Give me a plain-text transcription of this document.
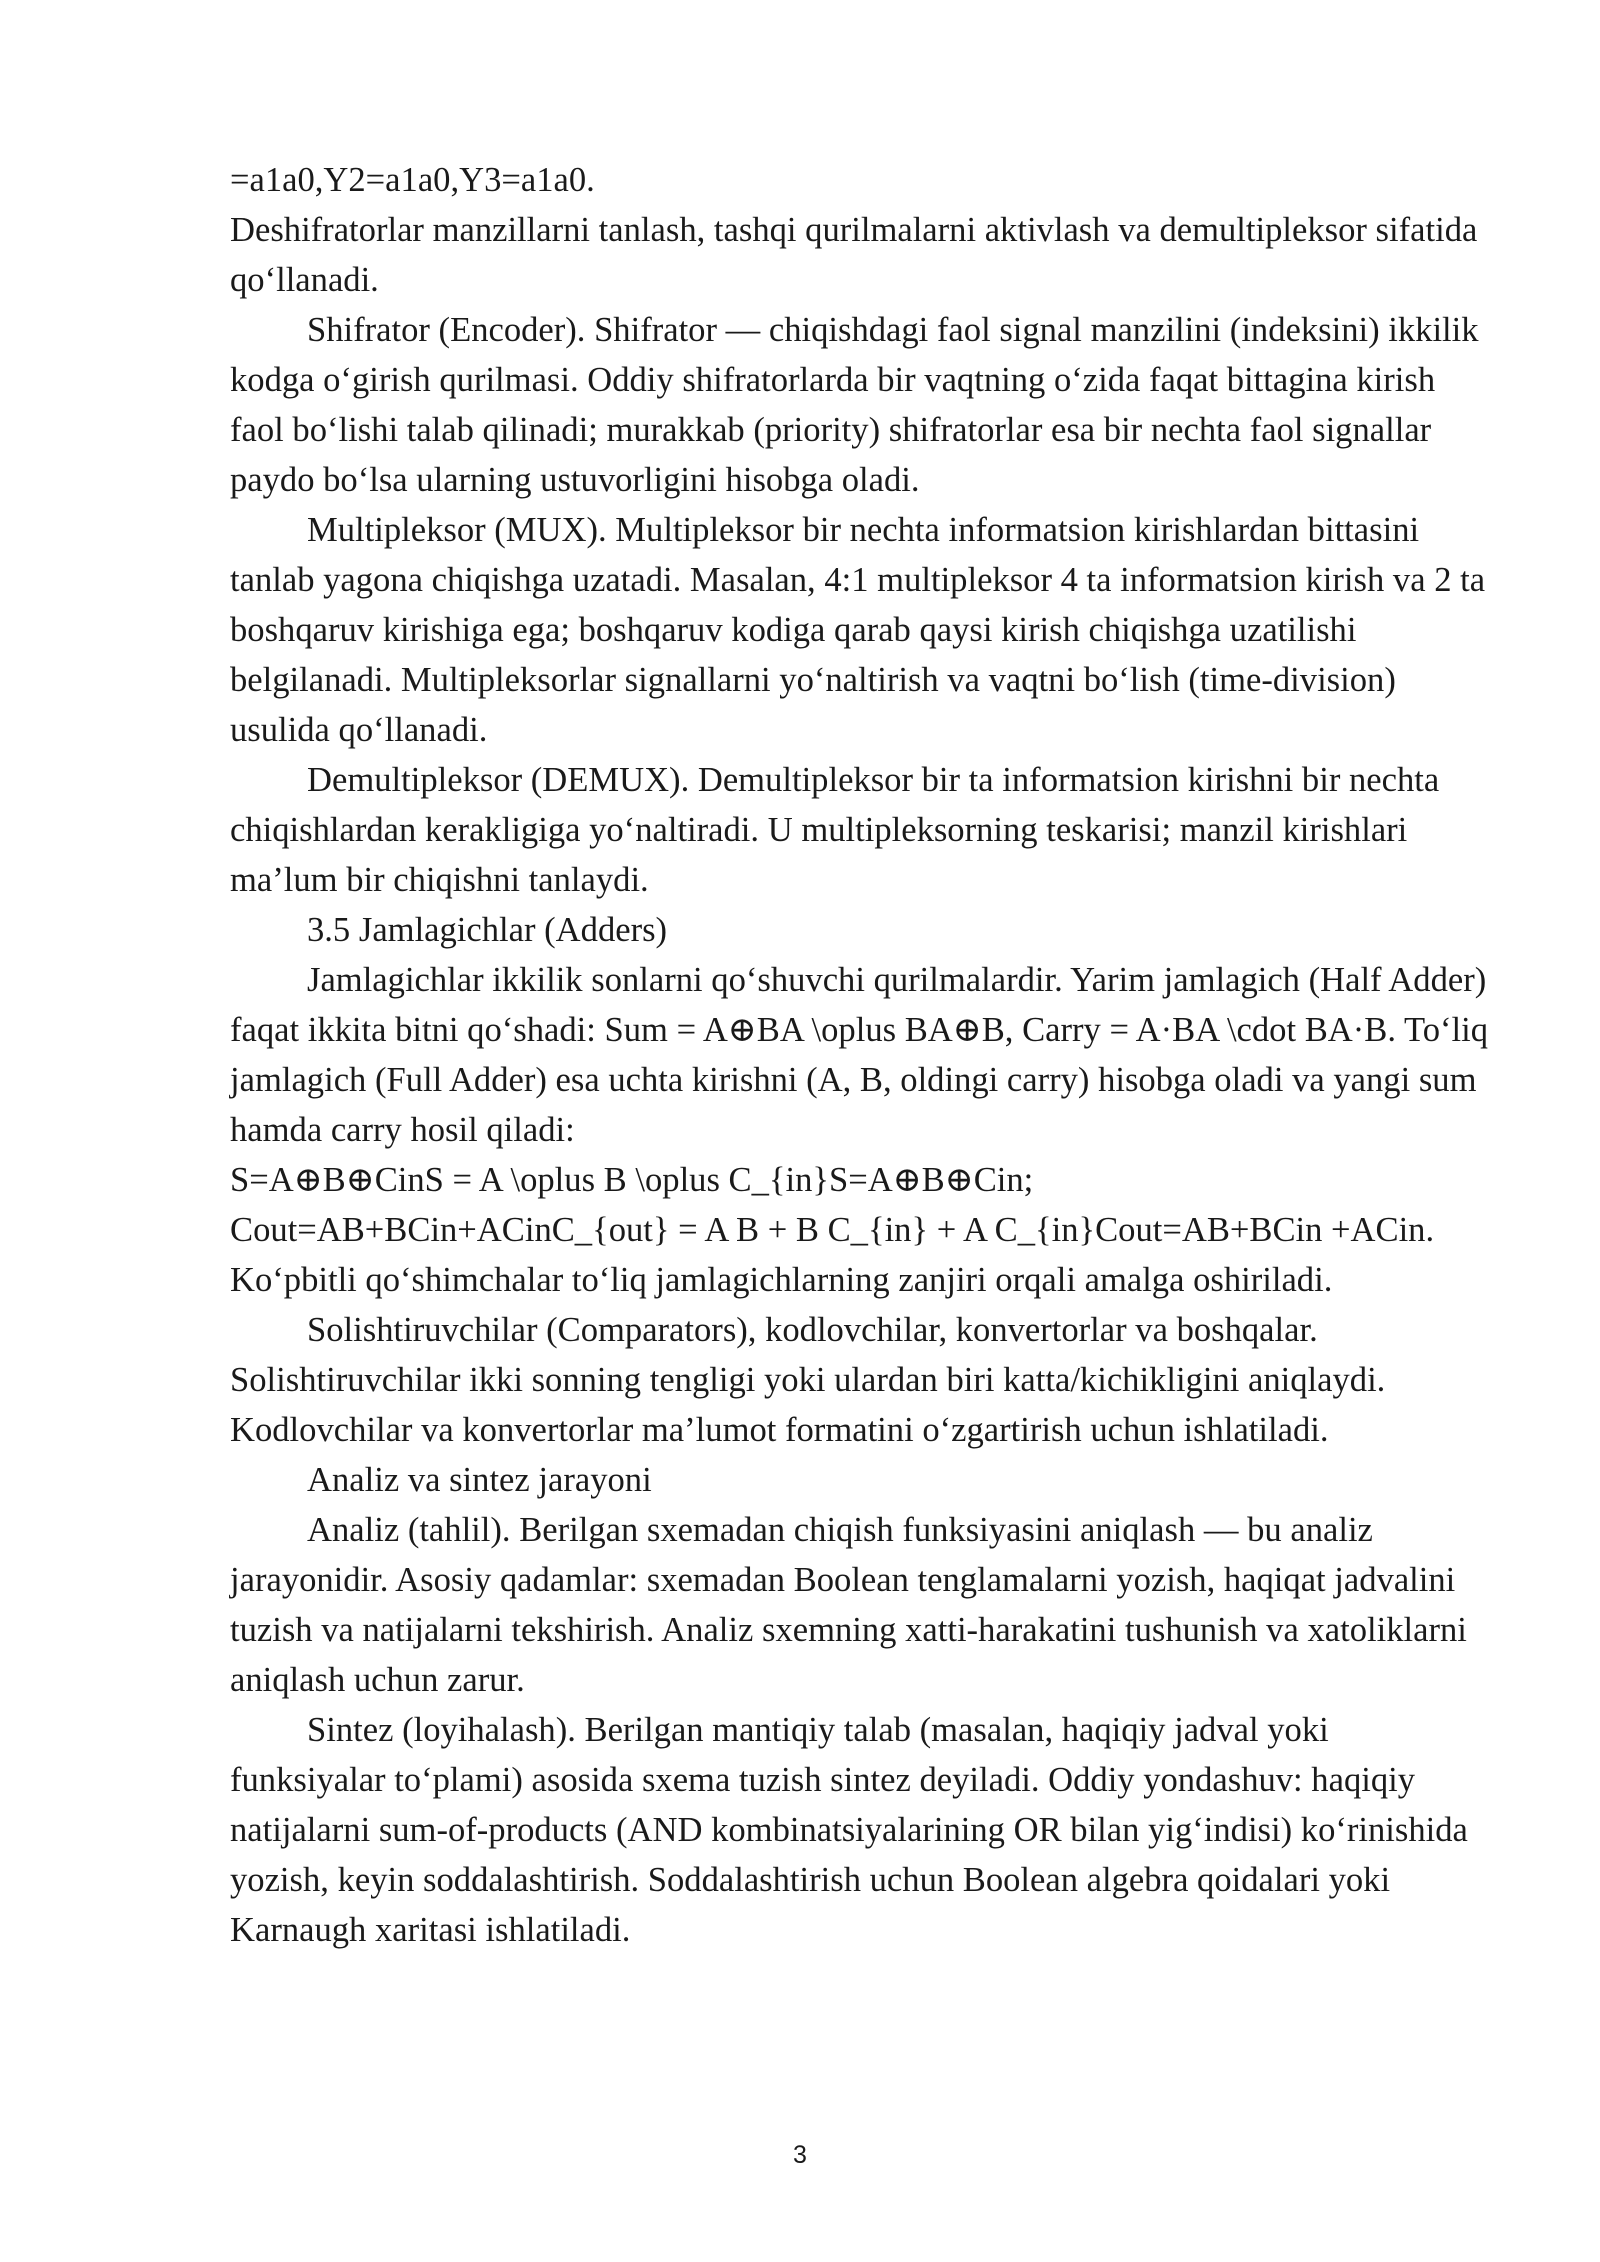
=a1a0,Y2=a1a0,Y3=a1a0.

Deshifratorlar manzillarni tanlash, tashqi qurilmalarni aktivlash va demultipleksor sifatida qo‘llanadi.

Shifrator (Encoder). Shifrator — chiqishdagi faol signal manzilini (indeksini) ikkilik kodga o‘girish qurilmasi. Oddiy shifratorlarda bir vaqtning o‘zida faqat bittagina kirish faol bo‘lishi talab qilinadi; murakkab (priority) shifratorlar esa bir nechta faol signallar paydo bo‘lsa ularning ustuvorligini hisobga oladi.

Multipleksor (MUX). Multipleksor bir nechta informatsion kirishlardan bittasini tanlab yagona chiqishga uzatadi. Masalan, 4:1 multipleksor 4 ta informatsion kirish va 2 ta boshqaruv kirishiga ega; boshqaruv kodiga qarab qaysi kirish chiqishga uzatilishi belgilanadi. Multipleksorlar signallarni yo‘naltirish va vaqtni bo‘lish (time-division) usulida qo‘llanadi.

Demultipleksor (DEMUX). Demultipleksor bir ta informatsion kirishni bir nechta chiqishlardan kerakligiga yo‘naltiradi. U multipleksorning teskarisi; manzil kirishlari ma’lum bir chiqishni tanlaydi.

3.5 Jamlagichlar (Adders)

Jamlagichlar ikkilik sonlarni qo‘shuvchi qurilmalardir. Yarim jamlagich (Half Adder) faqat ikkita bitni qo‘shadi: Sum = A⊕BA \oplus BA⊕B, Carry = A·BA \cdot BA·B. To‘liq jamlagich (Full Adder) esa uchta kirishni (A, B, oldingi carry) hisobga oladi va yangi sum hamda carry hosil qiladi:

S=A⊕B⊕CinS = A \oplus B \oplus C_{in}S=A⊕B⊕Cin;

Cout=AB+BCin+ACinC_{out} = A B + B C_{in} + A C_{in}Cout=AB+BCin +ACin.

Ko‘pbitli qo‘shimchalar to‘liq jamlagichlarning zanjiri orqali amalga oshiriladi.

Solishtiruvchilar (Comparators), kodlovchilar, konvertorlar va boshqalar.

Solishtiruvchilar ikki sonning tengligi yoki ulardan biri katta/kichikligini aniqlaydi. Kodlovchilar va konvertorlar ma’lumot formatini o‘zgartirish uchun ishlatiladi.

Analiz va sintez jarayoni

Analiz (tahlil). Berilgan sxemadan chiqish funksiyasini aniqlash — bu analiz jarayonidir. Asosiy qadamlar: sxemadan Boolean tenglamalarni yozish, haqiqat jadvalini tuzish va natijalarni tekshirish. Analiz sxemning xatti-harakatini tushunish va xatoliklarni aniqlash uchun zarur.

Sintez (loyihalash). Berilgan mantiqiy talab (masalan, haqiqiy jadval yoki funksiyalar to‘plami) asosida sxema tuzish sintez deyiladi. Oddiy yondashuv: haqiqiy natijalarni sum-of-products (AND kombinatsiyalarining OR bilan yig‘indisi) ko‘rinishida yozish, keyin soddalashtirish. Soddalashtirish uchun Boolean algebra qoidalari yoki Karnaugh xaritasi ishlatiladi.

3
